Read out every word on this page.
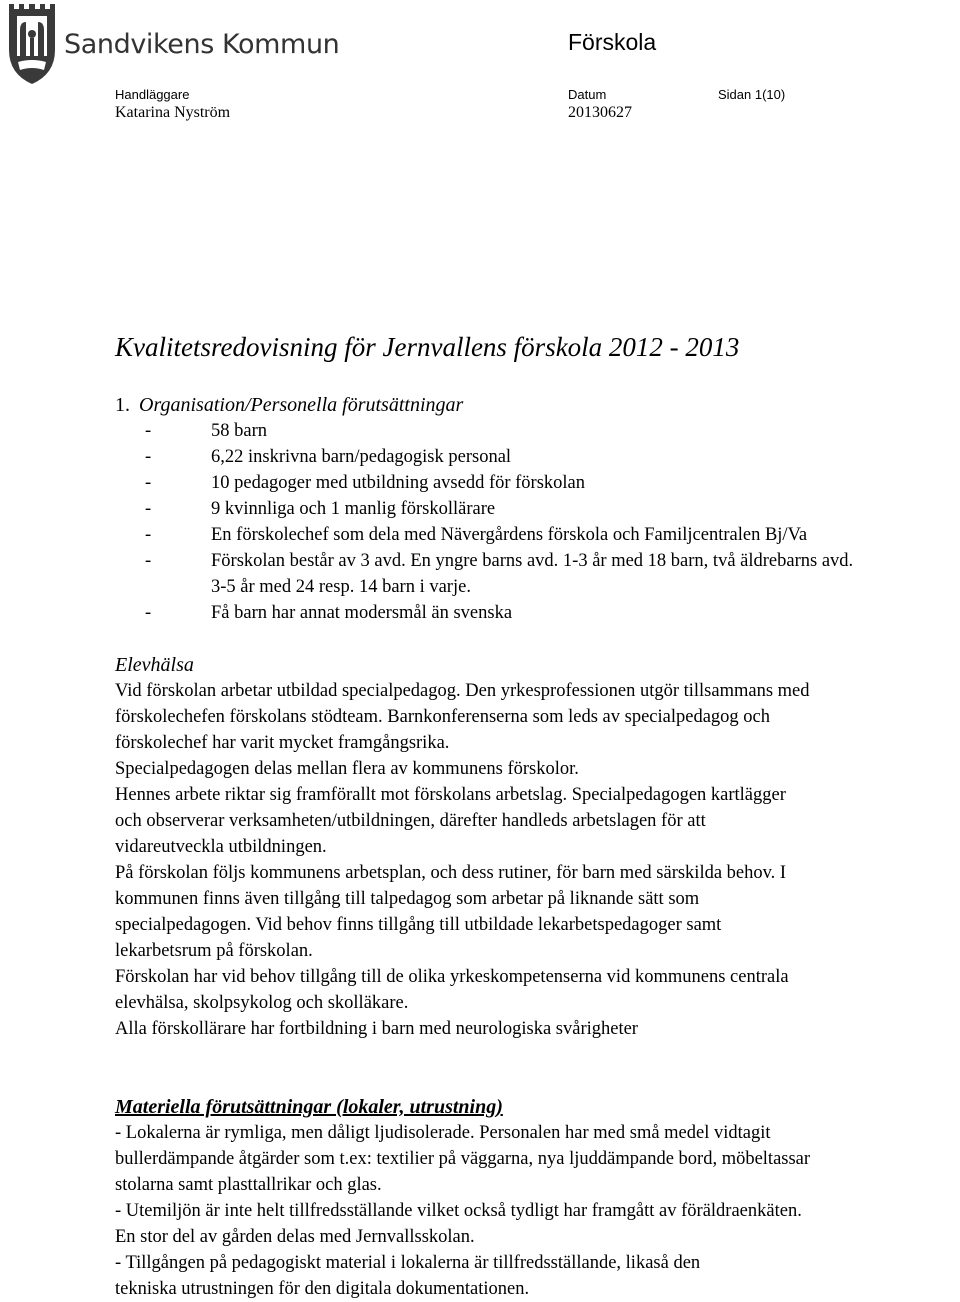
Sandvikens Kommun	Förskola
Handläggare
Katarina Nyström
Datum
20130627
Sidan 1(10)
Kvalitetsredovisning för Jernvallens förskola 2012 - 2013
1. Organisation/Personella förutsättningar
- 58 barn
- 6,22 inskrivna barn/pedagogisk personal
- 10 pedagoger med utbildning avsedd för förskolan
- 9 kvinnliga och 1 manlig förskollärare
- En förskolechef som dela med Nävergårdens förskola och Familjcentralen Bj/Va
- Förskolan består av 3 avd. En yngre barns avd. 1-3 år med 18 barn, två äldrebarns avd.
3-5 år med 24 resp. 14 barn i varje.
- Få barn har annat modersmål än svenska
Elevhälsa

Vid förskolan arbetar utbildad specialpedagog. Den yrkesprofessionen utgör tillsammans med

förskolechefen förskolans stödteam. Barnkonferenserna som leds av specialpedagog och

förskolechef har varit mycket framgångsrika.

Specialpedagogen delas mellan flera av kommunens förskolor.

Hennes arbete riktar sig framförallt mot förskolans arbetslag. Specialpedagogen kartlägger

och observerar verksamheten/utbildningen, därefter handleds arbetslagen för att

vidareutveckla utbildningen.

På förskolan följs kommunens arbetsplan, och dess rutiner, för barn med särskilda behov. I

kommunen finns även tillgång till talpedagog som arbetar på liknande sätt som

specialpedagogen. Vid behov finns tillgång till utbildade lekarbetspedagoger samt

lekarbetsrum på förskolan.

Förskolan har vid behov tillgång till de olika yrkeskompetenserna vid kommunens centrala

elevhälsa, skolpsykolog och skolläkare.

Alla förskollärare har fortbildning i barn med neurologiska svårigheter

Materiella förutsättningar (lokaler, utrustning)

- Lokalerna är rymliga, men dåligt ljudisolerade. Personalen har med små medel vidtagit

bullerdämpande åtgärder som t.ex: textilier på väggarna, nya ljuddämpande bord, möbeltassar

stolarna samt plasttallrikar och glas.

- Utemiljön är inte helt tillfredsställande vilket också tydligt har framgått av föräldraenkäten.

En stor del av gården delas med Jernvallsskolan.

- Tillgången på pedagogiskt material i lokalerna är tillfredsställande, likaså den

tekniska utrustningen för den digitala dokumentationen.
